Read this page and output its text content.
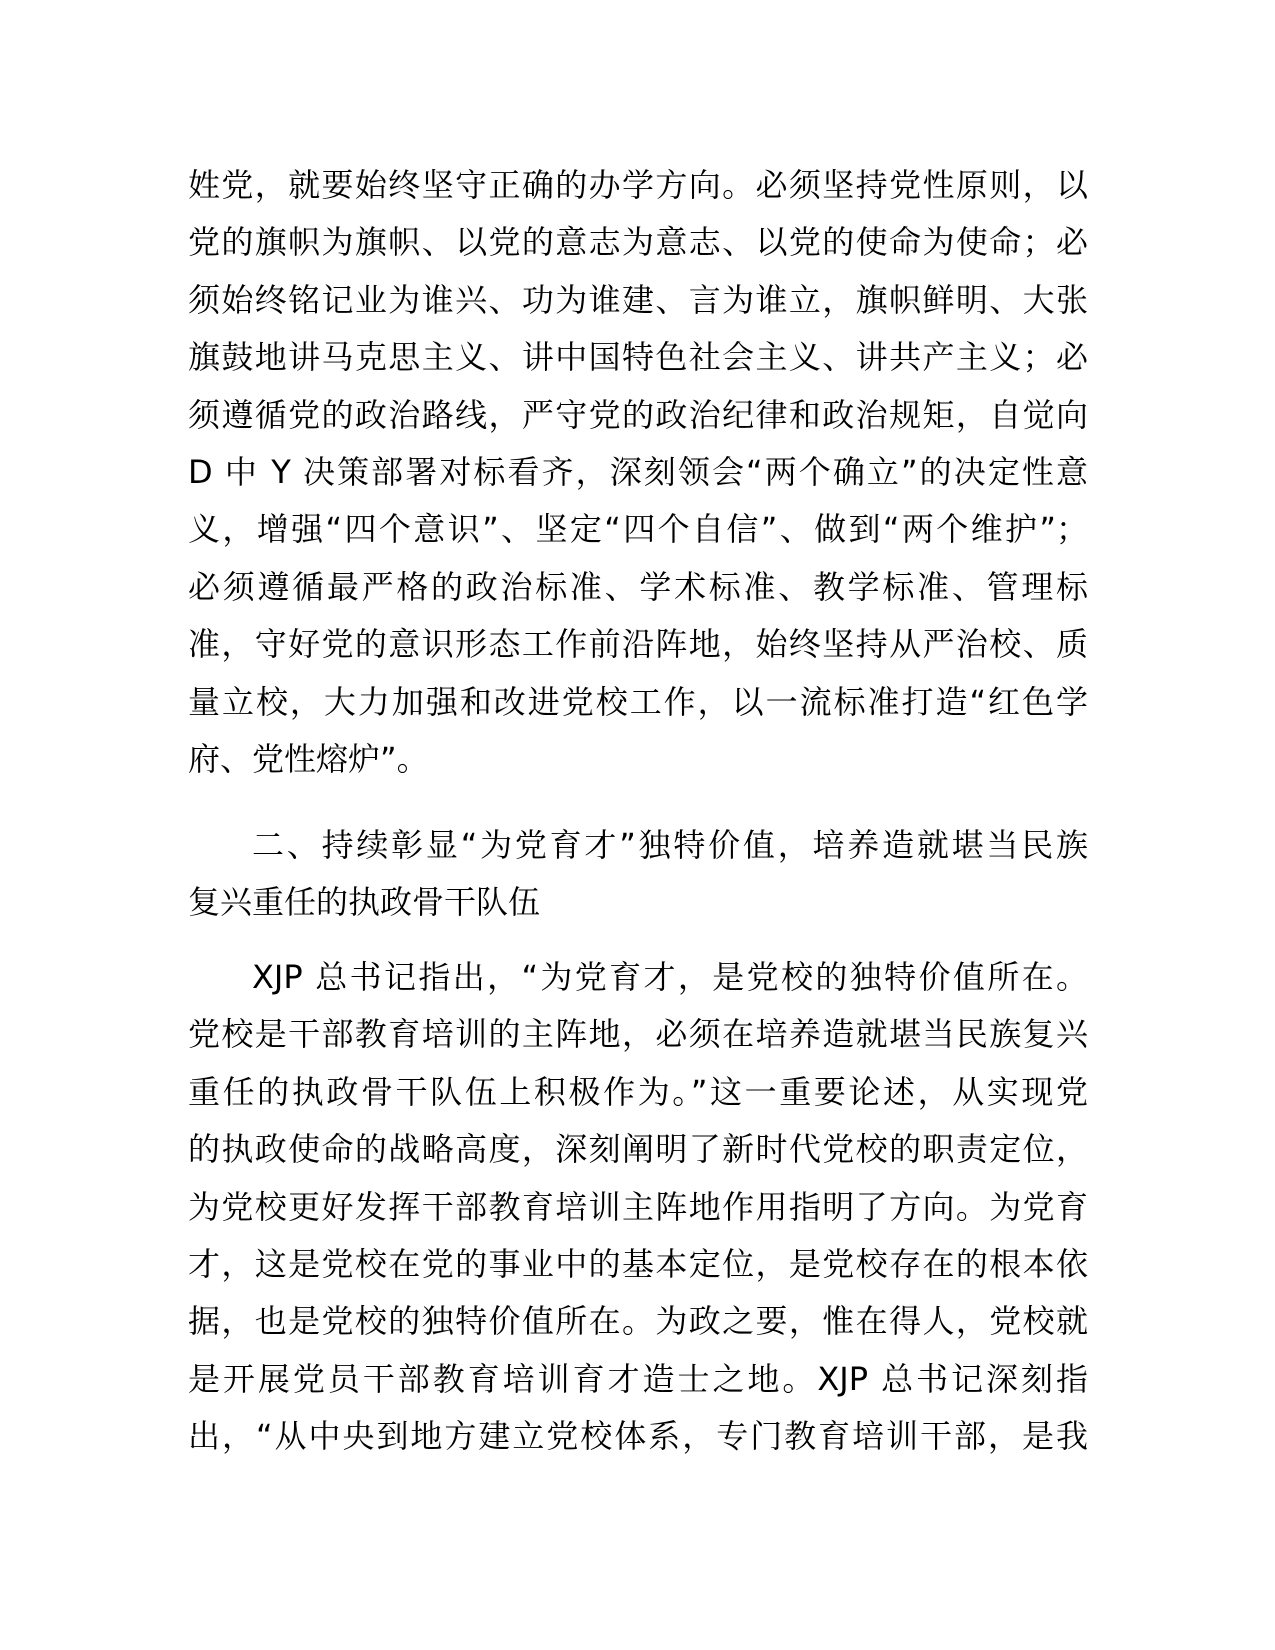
姓党，就要始终坚守正确的办学方向。必须坚持党性原则，以
党的旗帜为旗帜、以党的意志为意志、以党的使命为使命；必
须始终铭记业为谁兴、功为谁建、言为谁立，旗帜鲜明、大张
旗鼓地讲马克思主义、讲中国特色社会主义、讲共产主义；必
须遵循党的政治路线，严守党的政治纪律和政治规矩，自觉向
D 中 Y 决策部署对标看齐，深刻领会“两个确立”的决定性意
义，增强“四个意识”、坚定“四个自信”、做到“两个维护”；
必须遵循最严格的政治标准、学术标准、教学标准、管理标
准，守好党的意识形态工作前沿阵地，始终坚持从严治校、质
量立校，大力加强和改进党校工作，以一流标准打造“红色学
府、党性熔炉”。
二、持续彰显“为党育才”独特价值，培养造就堪当民族
复兴重任的执政骨干队伍
XJP 总书记指出，“为党育才，是党校的独特价值所在。
党校是干部教育培训的主阵地，必须在培养造就堪当民族复兴
重任的执政骨干队伍上积极作为。”这一重要论述，从实现党
的执政使命的战略高度，深刻阐明了新时代党校的职责定位，
为党校更好发挥干部教育培训主阵地作用指明了方向。为党育
才，这是党校在党的事业中的基本定位，是党校存在的根本依
据，也是党校的独特价值所在。为政之要，惟在得人，党校就
是开展党员干部教育培训育才造士之地。XJP 总书记深刻指
出，“从中央到地方建立党校体系，专门教育培训干部，是我
